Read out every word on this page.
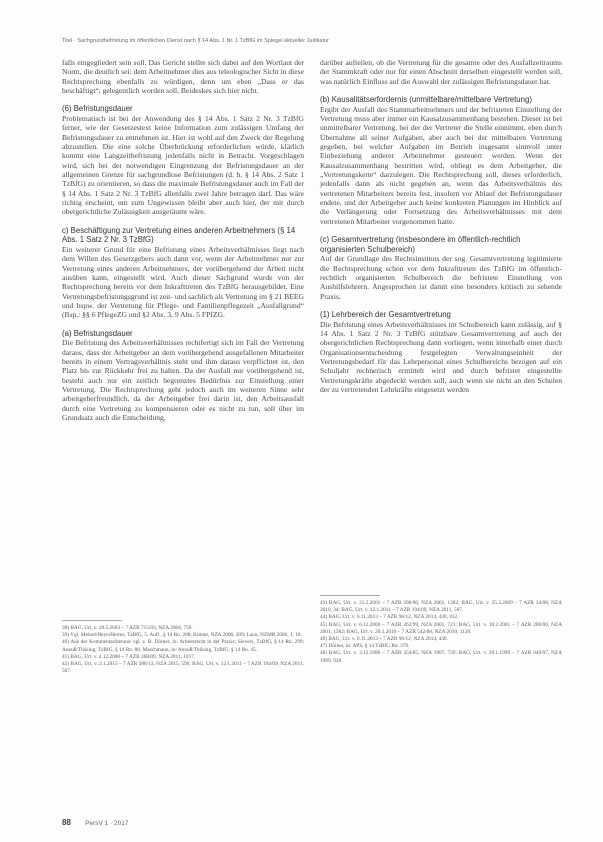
Titel · Sachgrundbefristung im öffentlichen Dienst nach § 14 Abs. 1 Nr. 1 TzBfG im Spiegel aktueller Judikatur

falls eingegliedert sein soll. Das Gericht stellte sich dabei auf den Wortlaut der Norm, die deutlich sei: dem Arbeitnehmer dies aus teleologischer Sicht in diese Rechtsprechung ebenfalls zu würdigen, denn um eben „Dass er das beschäftigt“, gelegentlich worden soll, Beideskes sich hier nicht.

(6) Befristungsdauer

Problematisch ist bei der Anwendung des § 14 Abs. 1 Satz 2 Nr. 3 TzBfG ferner, wie der Gesetzestext keine Information zum zulässigen Umfang der Befristungsdauer zu entnehmen ist. Hier ist wohl auf den Zweck der Regelung abzustellen. Die eine solche Überbrückung erforderlichen würde, klärlich kommt eine Langzeitbefristung jedenfalls nicht in Betracht. Vorgeschlagen wird, sich bei der notwendigen Eingrenzung der Befristungsdauer an der allgemeinen Grenze für sachgrundlose Befristungen (d. h. § 14 Abs. 2 Satz 1 TzBfG) zu orientieren, so dass die maximale Befristungsdauer auch im Fall der § 14 Abs. 1 Satz 2 Nr. 3 TzBfG allenfalls zwei Jahre betragen darf. Das wäre richtig erscheint, um zum Ungewissen bleibt aber auch hier, der mit durch obergerichtliche Zulässigkeit ausgeräumt wäre.

c) Beschäftigung zur Vertretung eines anderen Arbeitnehmers (§ 14 Abs. 1 Satz 2 Nr. 3 TzBfG)

Ein weiterer Grund für eine Befristung eines Arbeitsverhältnisses liegt nach dem Willen des Gesetzgebers auch dann vor, wenn der Arbeitnehmer nur zur Vertretung eines anderen Arbeitnehmers, der vorübergehend der Arbeit nicht ausüben kann, eingestellt wird. Auch dieser Sachgrund wurde von der Rechtsprechung bereits vor dem Inkrafttreten des TzBfG herausgebildet. Eine Vertretungsbefristungsgrund ist zeit- und sachlich als Vertretung im § 21 BEEG und bspw. der Vertretung für Pflege- und Familienpflegezeit „Ausfallgrund“ (Bsp.: §§ 6 PflegeZG und §2 Abs. 3, 9 Abs. 5 FPfZG.

(a) Befristungsdauer

Die Befristung des Arbeitsverhältnisses rechtfertigt sich im Fall der Vertretung daraus, dass der Arbeitgeber an dem vorübergehend ausgefallenen Mitarbeiter bereits in einem Vertragsverhältnis steht und ihm daraus verpflichtet ist, den Platz bis zur Rückkehr frei zu halten. Da der Ausfall nur vorübergehend ist, besteht auch nur ein zeitlich begrenztes Bedürfnis zur Einstellung einer Vertretung. Die Rechtsprechung geht jedoch auch im weiteren Sinne sehr arbeitgeberfreundlich, da der Arbeitgeber frei darin ist, den Arbeitsausfall durch eine Vertretung zu kompensieren oder es nicht zu tun, soll über im Grundsatz auch die Entscheidung,

darüber aufteilen, ob die Vertretung für die gesamte oder des Ausfallzeitraums der Stammkraft oder nur für einen Abschnitt derselben eingestellt werden soll, was natürlich Einfluss auf die Auswahl der zulässigen Befristungsdauer hat.

(b) Kausalitätserfordernis (unmittelbare/mittelbare Vertretung)

Ergibt der Ausfall des Stammarbeitnehmers und der befristeten Einstellung der Vertretung muss aber immer ein Kausalzusammenhang bestehen. Dieser ist bei unmittelbarer Vertretung, bei der der Vertreter die Stelle einnimmt, eben durch Übernahme all seiner Aufgaben, aber auch bei der mittelbaren Vertretung gegeben, bei welcher Aufgaben im Betrieb insgesamt sinnvoll unter Einbeziehung anderer Arbeitnehmer gesteuert werden. Wenn der Kausalzusammenhang bestritten wird, obliegt es dem Arbeitgeber, die „Vertretungskette“ darzulegen. Die Rechtsprechung soll, dieses erforderlich, jedenfalls dann als nicht gegeben an, wenn das Arbeitsverhältnis des vertretenen Mitarbeiters bereits fest, insofern vor Ablauf der Befristungsdauer endete, und der Arbeitgeber auch keine konkreten Planungen im Hinblick auf die Verlängerung oder Fortsetzung des Arbeitsverhältnisses mit dem vertretenen Mitarbeiter vorgenommen hatte.

(c) Gesamtvertretung (insbesondere im öffentlich-rechtlich organisierten Schulbereich)

Auf der Grundlage des Rechtsinstituts der sog. Gesamtvertretung legitimierte die Rechtsprechung schon vor dem Inkrafttreten des TzBfG im öffentlich-rechtlich organisierten Schulbereich die befristete Einstellung von Aushilfslehrern. Angesprochen ist damit eine besonders kritisch zu sehende Praxis.

(1) Lehrbereich der Gesamtvertretung

Die Befristung eines Arbeitsverhältnisses im Schulbereich kann zulässig, auf § 14 Abs. 1 Satz 2 Nr. 3 TzBfG stützbare Gesamtvertretung auf auch der obergerichtlichen Rechtsprechung dann vorliegen, wenn innerhalb einer durch Organisationsentscheidung festgelegten Verwaltungseinheit der Vertretungsbedarf für das Lehrpersonal eines Schulbereichs bezogen auf ein Schuljahr rechnerisch ermittelt wird und durch befristet eingestellte Vertretungskräfte abgedeckt werden soll, auch wenn sie nicht an den Schulen der zu vertretenden Lehrkräfte eingesetzt werden

38) BAG, Urt. v. 28.5.2003 – 7 AZR 715/03, NZA 2004, 759.
39) Vgl. Meinel/Heyn/Herms, TzBfG, 5. Aufl., § 14 Rn. 208; Kittner, NZA 2006, 209; Laux, NZMR 2006, 1, 16.
40) Aus der Kommentarliteratur vgl. z. B. Dörner, in: Arbeitsrecht in der Praxis; Sievers, TzBfG, § 14 Rn. 299; Annuß/Thüsing, TzBfG, § 14 Rn. 86; Maschmann, in: Annuß/Thüsing, TzBfG, § 14 Rn. 45.
41) BAG, Urt. v. 4.12.2008 – 7 AZR 268/09, NZA 2011, 1017.
42) BAG, Urt. v. 2.1.2015 – 7 AZR 388/13, NZA 2015, 596; BAG, Urt. v. 12.1.2011 – 7 AZR 194/09, NZA 2011, 507.
43) BAG, Urt. v. 21.2.2001 – 7 AZR 200/00, NZA 2001, 1382; BAG, Urt. v. 25.3.2009 – 7 AZR 34/08, NZA 2010, 34; BAG, Urt. v. 12.1.2011 – 7 AZR 194/09, NZA 2011, 507.
44) BAG, Urt. v. 6.11.2013 – 7 AZR 96/12, NZA 2014, 430, 432.
45) BAG, Urt. v. 6.12.2000 – 7 AZR 262/99, NZA 2001, 721; BAG, Urt. v. 10.2.2001 – 7 AZR 200/00, NZA 2001, 1382; BAG, Urt. v. 20.1.2010 – 7 AZR 542/08, NZA 2010, 1126.
46) BAG, Urt. v. 6.11.2013 – 7 AZR 96/12, NZA 2014, 430.
47) Dörner, in: APS, § 14 TzBfG Rn. 370.
48) BAG, Urt. v. 3.12.1986 – 7 AZR 354/85, NZA 1987, 739; BAG, Urt. v. 20.1.1999 – 7 AZR 640/97, NZA 1999, 928.
88 PersV 1 · 2017
